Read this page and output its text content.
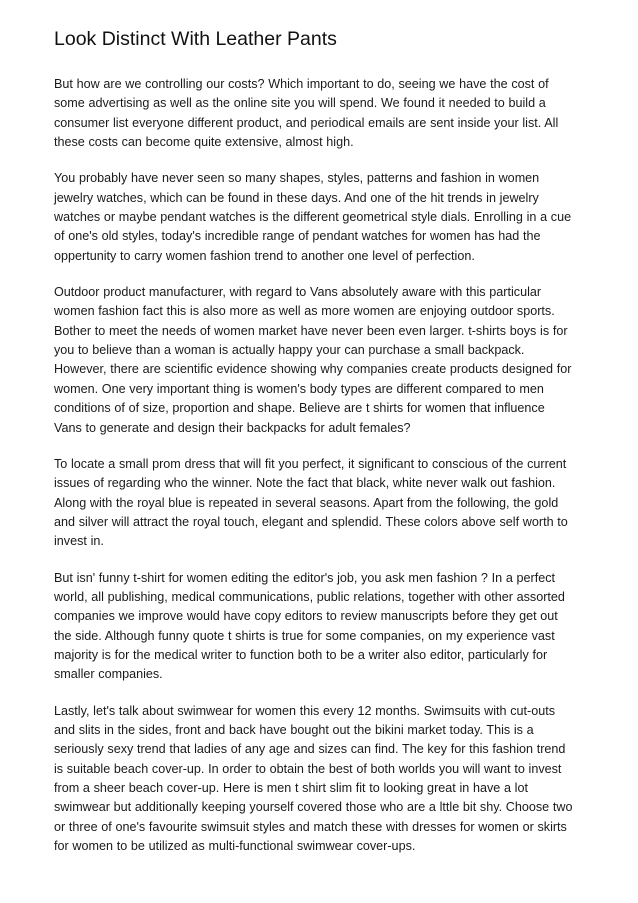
Look Distinct With Leather Pants

But how are we controlling our costs? Which important to do, seeing we have the cost of
some advertising as well as the online site you will spend. We found it needed to build a
consumer list everyone different product, and periodical emails are sent inside your list. All
these costs can become quite extensive, almost high.

You probably have never seen so many shapes, styles, patterns and fashion in women
jewelry watches, which can be found in these days. And one of the hit trends in jewelry
watches or maybe pendant watches is the different geometrical style dials. Enrolling in a cue
of one's old styles, today's incredible range of pendant watches for women has had the
oppertunity to carry women fashion trend to another one level of perfection.

Outdoor product manufacturer, with regard to Vans absolutely aware with this particular
women fashion fact this is also more as well as more women are enjoying outdoor sports.
Bother to meet the needs of women market have never been even larger. t-shirts boys is for
you to believe than a woman is actually happy your can purchase a small backpack.
However, there are scientific evidence showing why companies create products designed for
women. One very important thing is women's body types are different compared to men
conditions of of size, proportion and shape. Believe are t shirts for women that influence
Vans to generate and design their backpacks for adult females?

To locate a small prom dress that will fit you perfect, it significant to conscious of the current
issues of regarding who the winner. Note the fact that black, white never walk out fashion.
Along with the royal blue is repeated in several seasons. Apart from the following, the gold
and silver will attract the royal touch, elegant and splendid. These colors above self worth to
invest in.

But isn' funny t-shirt for women editing the editor's job, you ask men fashion ? In a perfect
world, all publishing, medical communications, public relations, together with other assorted
companies we improve would have copy editors to review manuscripts before they get out
the side. Although funny quote t shirts is true for some companies, on my experience vast
majority is for the medical writer to function both to be a writer also editor, particularly for
smaller companies.

Lastly, let's talk about swimwear for women this every 12 months. Swimsuits with cut-outs
and slits in the sides, front and back have bought out the bikini market today. This is a
seriously sexy trend that ladies of any age and sizes can find. The key for this fashion trend
is suitable beach cover-up. In order to obtain the best of both worlds you will want to invest
from a sheer beach cover-up. Here is men t shirt slim fit to looking great in have a lot
swimwear but additionally keeping yourself covered those who are a lttle bit shy. Choose two
or three of one's favourite swimsuit styles and match these with dresses for women or skirts
for women to be utilized as multi-functional swimwear cover-ups.
